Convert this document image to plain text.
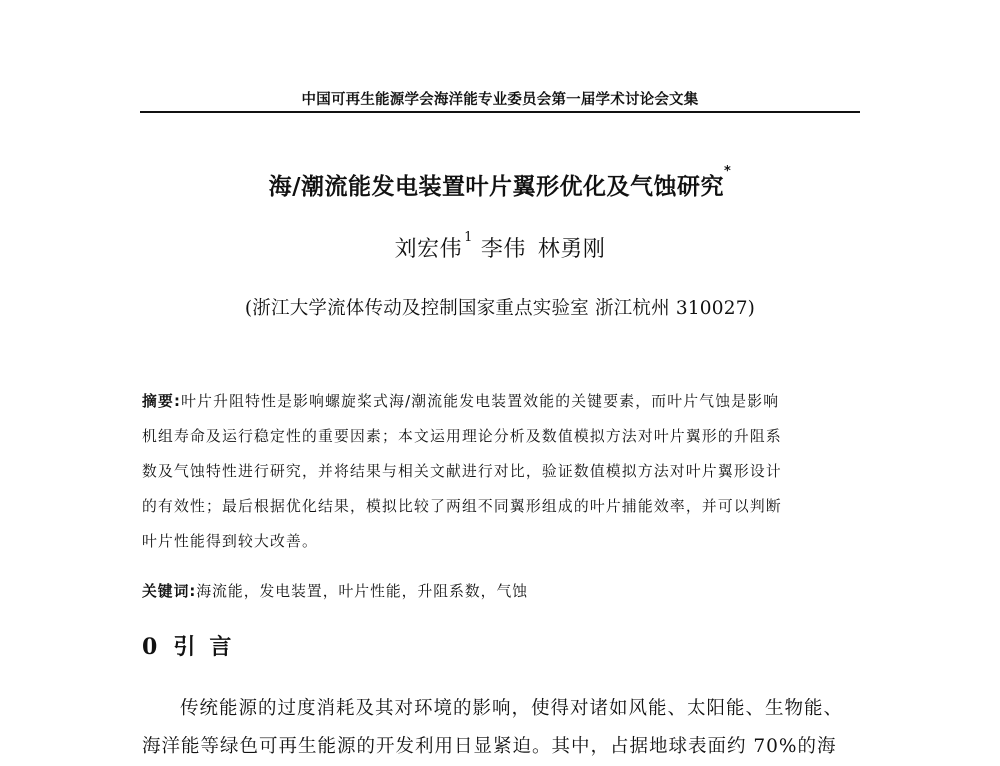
中国可再生能源学会海洋能专业委员会第一届学术讨论会文集
海/潮流能发电装置叶片翼形优化及气蚀研究*
刘宏伟 $^1$ 李伟 林勇刚
(浙江大学流体传动及控制国家重点实验室 浙江杭州 310027)
摘要:叶片升阻特性是影响螺旋桨式海/潮流能发电装置效能的关键要素，而叶片气蚀是影响
机组寿命及运行稳定性的重要因素；本文运用理论分析及数值模拟方法对叶片翼形的升阻系
数及气蚀特性进行研究，并将结果与相关文献进行对比，验证数值模拟方法对叶片翼形设计
的有效性；最后根据优化结果，模拟比较了两组不同翼形组成的叶片捕能效率，并可以判断
叶片性能得到较大改善。
关键词:海流能，发电装置，叶片性能，升阻系数，气蚀
0 引言
传统能源的过度消耗及其对环境的影响，使得对诸如风能、太阳能、生物能、
海洋能等绿色可再生能源的开发利用日显紧迫。其中，占据地球表面约 70%的海
